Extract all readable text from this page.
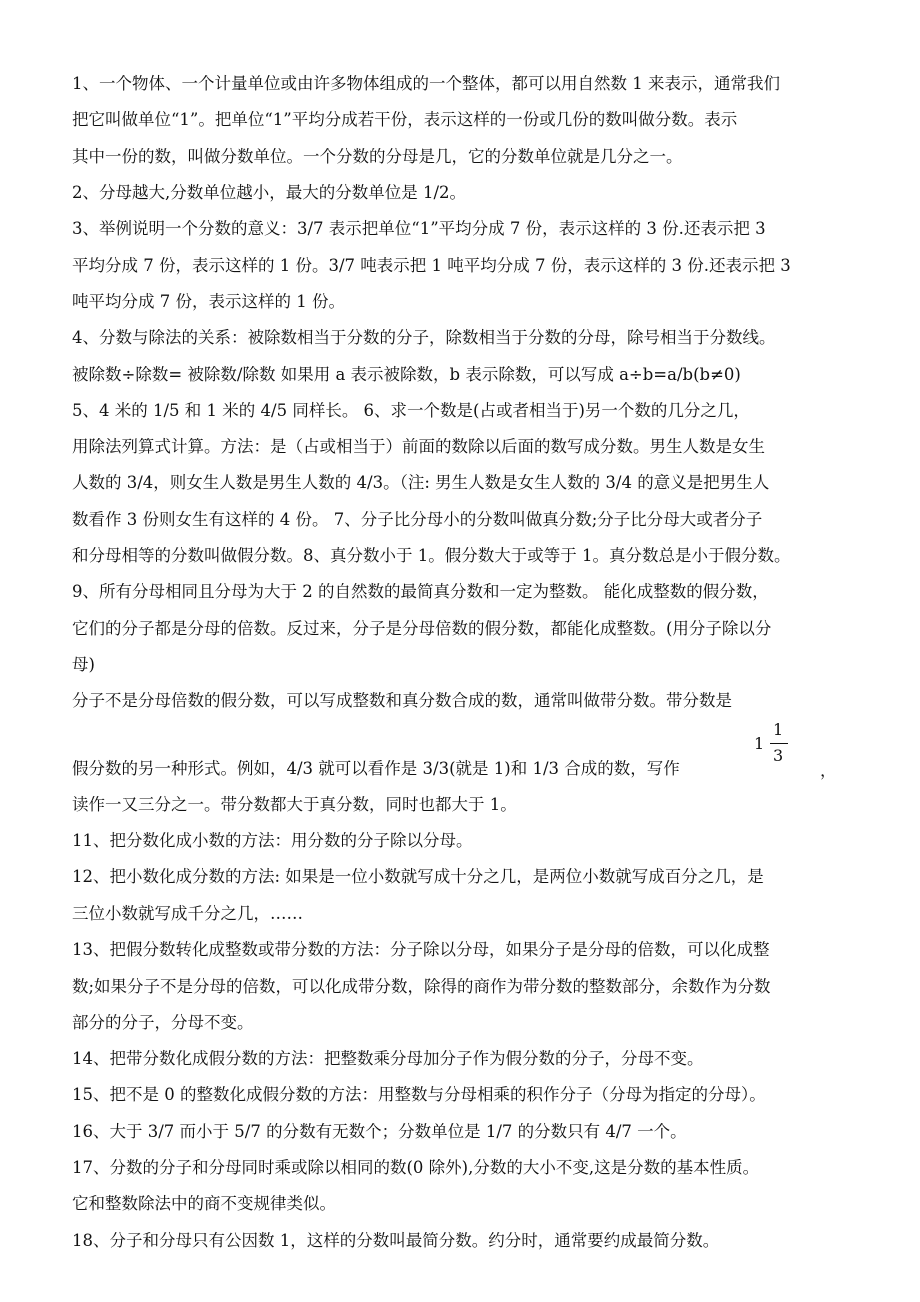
1、一个物体、一个计量单位或由许多物体组成的一个整体，都可以用自然数 1 来表示，通常我们
把它叫做单位“1”。把单位“1”平均分成若干份，表示这样的一份或几份的数叫做分数。表示
其中一份的数，叫做分数单位。一个分数的分母是几，它的分数单位就是几分之一。
2、分母越大,分数单位越小，最大的分数单位是 1/2。
3、举例说明一个分数的意义：3/7 表示把单位“1”平均分成 7 份，表示这样的 3 份.还表示把 3
平均分成 7 份，表示这样的 1 份。3/7 吨表示把 1 吨平均分成 7 份，表示这样的 3 份.还表示把 3
吨平均分成 7 份，表示这样的 1 份。
4、分数与除法的关系：被除数相当于分数的分子，除数相当于分数的分母，除号相当于分数线。
被除数÷除数= 被除数/除数 如果用 a 表示被除数，b 表示除数，可以写成 a÷b=a/b(b≠0)
5、4 米的 1/5 和 1 米的 4/5 同样长。 6、求一个数是(占或者相当于)另一个数的几分之几，
用除法列算式计算。方法：是（占或相当于）前面的数除以后面的数写成分数。男生人数是女生
人数的 3/4，则女生人数是男生人数的 4/3。（注: 男生人数是女生人数的 3/4 的意义是把男生人
数看作 3 份则女生有这样的 4 份。 7、分子比分母小的分数叫做真分数;分子比分母大或者分子
和分母相等的分数叫做假分数。8、真分数小于 1。假分数大于或等于 1。真分数总是小于假分数。
9、所有分母相同且分母为大于 2 的自然数的最简真分数和一定为整数。 能化成整数的假分数，
它们的分子都是分母的倍数。反过来，分子是分母倍数的假分数，都能化成整数。(用分子除以分
母)
分子不是分母倍数的假分数，可以写成整数和真分数合成的数，通常叫做带分数。带分数是
假分数的另一种形式。例如，4/3 就可以看作是 3/3(就是 1)和 1/3 合成的数，写作
1
1
3
，
读作一又三分之一。带分数都大于真分数，同时也都大于 1。
11、把分数化成小数的方法：用分数的分子除以分母。
12、把小数化成分数的方法: 如果是一位小数就写成十分之几，是两位小数就写成百分之几，是
三位小数就写成千分之几，……
13、把假分数转化成整数或带分数的方法：分子除以分母，如果分子是分母的倍数，可以化成整
数;如果分子不是分母的倍数，可以化成带分数，除得的商作为带分数的整数部分，余数作为分数
部分的分子，分母不变。
14、把带分数化成假分数的方法：把整数乘分母加分子作为假分数的分子，分母不变。
15、把不是 0 的整数化成假分数的方法：用整数与分母相乘的积作分子（分母为指定的分母）。
16、大于 3/7 而小于 5/7 的分数有无数个；分数单位是 1/7 的分数只有 4/7 一个。
17、分数的分子和分母同时乘或除以相同的数(0 除外),分数的大小不变,这是分数的基本性质。
它和整数除法中的商不变规律类似。
18、分子和分母只有公因数 1，这样的分数叫最简分数。约分时，通常要约成最简分数。
